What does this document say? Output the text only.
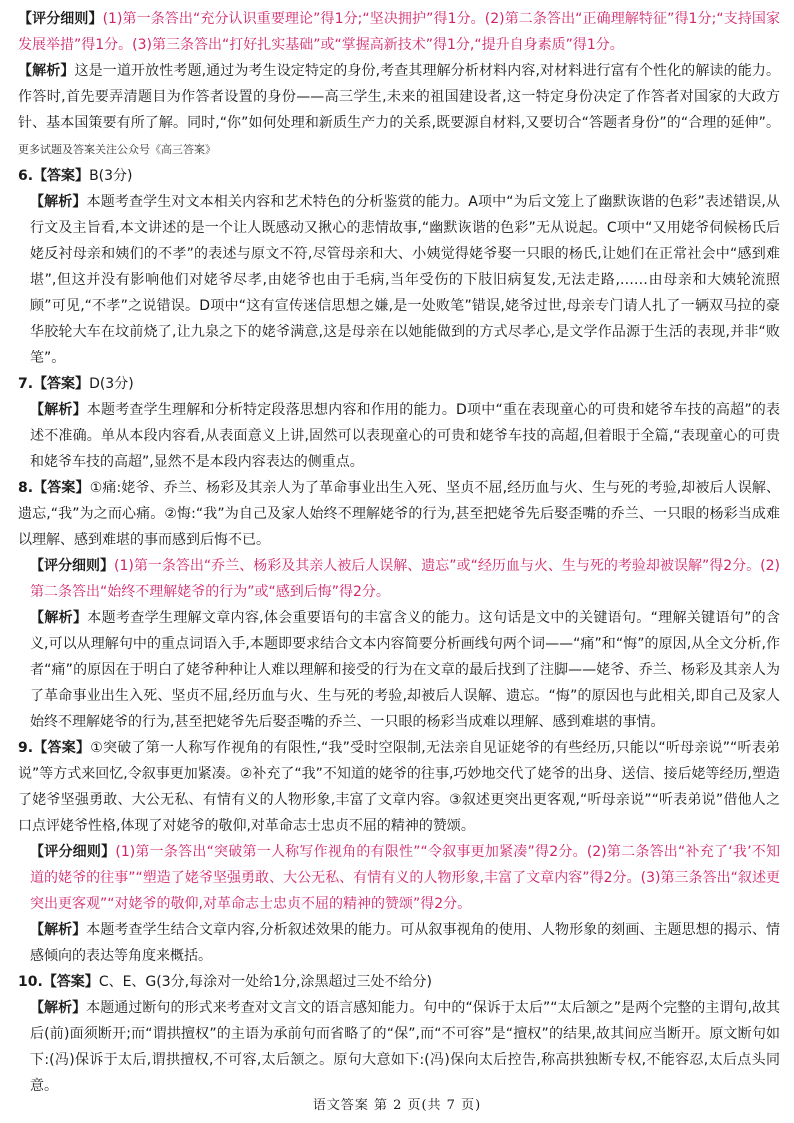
【评分细则】(1)第一条答出“充分认识重要理论”得1分;“坚决拥护”得1分。(2)第二条答出“正确理解特征”得1分;“支持国家发展举措”得1分。(3)第三条答出“打好扎实基础”或“掌握高新技术”得1分,“提升自身素质”得1分。

【解析】这是一道开放性考题,通过为考生设定特定的身份,考查其理解分析材料内容,对材料进行富有个性化的解读的能力。作答时,首先要弄清题目为作答者设置的身份——高三学生,未来的祖国建设者,这一特定身份决定了作答者对国家的大政方针、基本国策要有所了解。同时,“你”如何处理和新质生产力的关系,既要源自材料,又要切合“答题者身份”的“合理的延伸”。更多试题及答案关注公众号《高三答案》

6.【答案】B(3分)

【解析】本题考查学生对文本相关内容和艺术特色的分析鉴赏的能力。A项中“为后文笼上了幽默诙谐的色彩”表述错误,从行文及主旨看,本文讲述的是一个让人既感动又揪心的悲情故事,“幽默诙谐的色彩”无从说起。C项中“又用姥爷伺候杨氏后姥反衬母亲和姨们的不孝”的表述与原文不符,尽管母亲和大、小姨觉得姥爷娶一只眼的杨氏,让她们在正常社会中“感到难堪”,但这并没有影响他们对姥爷尽孝,由姥爷也由于毛病,当年受伤的下肢旧病复发,无法走路,……由母亲和大姨轮流照顾”可见,“不孝”之说错误。D项中“这有宣传迷信思想之嫌,是一处败笔”错误,姥爷过世,母亲专门请人扎了一辆双马拉的豪华胶轮大车在坟前烧了,让九泉之下的姥爷满意,这是母亲在以她能做到的方式尽孝心,是文学作品源于生活的表现,并非“败笔”。

7.【答案】D(3分)

【解析】本题考查学生理解和分析特定段落思想内容和作用的能力。D项中“重在表现童心的可贵和姥爷车技的高超”的表述不准确。单从本段内容看,从表面意义上讲,固然可以表现童心的可贵和姥爷车技的高超,但着眼于全篇,“表现童心的可贵和姥爷车技的高超”,显然不是本段内容表达的侧重点。

8.【答案】①痛:姥爷、乔兰、杨彩及其亲人为了革命事业出生入死、坚贞不屈,经历血与火、生与死的考验,却被后人误解、遗忘,“我”为之而心痛。②悔:“我”为自己及家人始终不理解姥爷的行为,甚至把姥爷先后娶歪嘴的乔兰、一只眼的杨彩当成难以理解、感到难堪的事而感到后悔不已。

【评分细则】(1)第一条答出“乔兰、杨彩及其亲人被后人误解、遗忘”或“经历血与火、生与死的考验却被误解”得2分。(2)第二条答出“始终不理解姥爷的行为”或“感到后悔”得2分。

【解析】本题考查学生理解文章内容,体会重要语句的丰富含义的能力。这句话是文中的关键语句。“理解关键语句”的含义,可以从理解句中的重点词语入手,本题即要求结合文本内容简要分析画线句两个词——“痛”和“悔”的原因,从全文分析,作者“痛”的原因在于明白了姥爷种种让人难以理解和接受的行为在文章的最后找到了注脚——姥爷、乔兰、杨彩及其亲人为了革命事业出生入死、坚贞不屈,经历血与火、生与死的考验,却被后人误解、遗忘。“悔”的原因也与此相关,即自己及家人始终不理解姥爷的行为,甚至把姥爷先后娶歪嘴的乔兰、一只眼的杨彩当成难以理解、感到难堪的事情。

9.【答案】①突破了第一人称写作视角的有限性,“我”受时空限制,无法亲自见证姥爷的有些经历,只能以“听母亲说”“听表弟说”等方式来回忆,令叙事更加紧凑。②补充了“我”不知道的姥爷的往事,巧妙地交代了姥爷的出身、送信、接后姥等经历,塑造了姥爷坚强勇敢、大公无私、有情有义的人物形象,丰富了文章内容。③叙述更突出更客观,“听母亲说”“听表弟说”借他人之口点评姥爷性格,体现了对姥爷的敬仰,对革命志士忠贞不屈的精神的赞颂。

【评分细则】(1)第一条答出“突破第一人称写作视角的有限性”“令叙事更加紧凑”得2分。(2)第二条答出“补充了‘我’不知道的姥爷的往事”“塑造了姥爷坚强勇敢、大公无私、有情有义的人物形象,丰富了文章内容”得2分。(3)第三条答出“叙述更突出更客观”“对姥爷的敬仰,对革命志士忠贞不屈的精神的赞颂”得2分。

【解析】本题考查学生结合文章内容,分析叙述效果的能力。可从叙事视角的使用、人物形象的刻画、主题思想的揭示、情感倾向的表达等角度来概括。

10.【答案】C、E、G(3分,每涂对一处给1分,涂黑超过三处不给分)

【解析】本题通过断句的形式来考查对文言文的语言感知能力。句中的“保诉于太后”“太后颔之”是两个完整的主谓句,故其后(前)面须断开;而“谓拱擅权”的主语为承前句而省略了的“保”,而“不可容”是“擅权”的结果,故其间应当断开。原文断句如下:(冯)保诉于太后,谓拱擅权,不可容,太后颔之。原句大意如下:(冯)保向太后控告,称高拱独断专权,不能容忍,太后点头同意。

语文答案 第 2 页(共 7 页)
